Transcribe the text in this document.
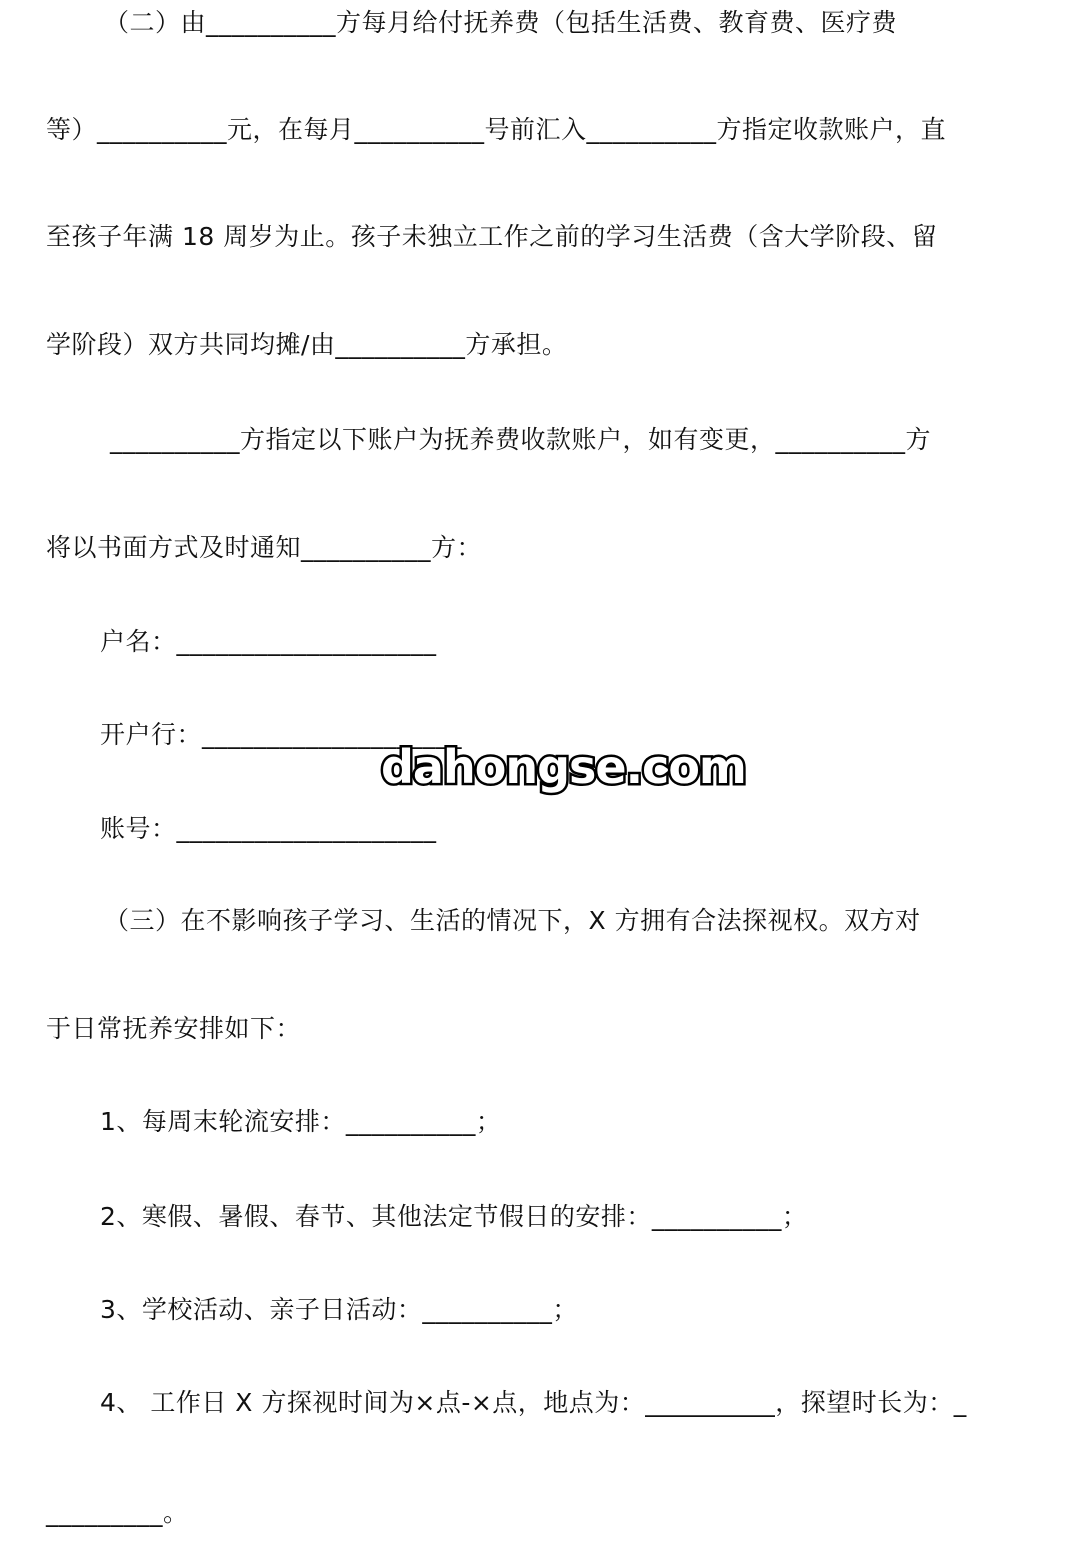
（二）由__________方每月给付抚养费（包括生活费、教育费、医疗费
等）__________元，在每月__________号前汇入__________方指定收款账户，直
至孩子年满 18 周岁为止。孩子未独立工作之前的学习生活费（含大学阶段、留
学阶段）双方共同均摊/由__________方承担。
__________方指定以下账户为抚养费收款账户，如有变更，__________方
将以书面方式及时通知__________方：
户名：____________________
开户行：____________________
账号：____________________
（三）在不影响孩子学习、生活的情况下，X 方拥有合法探视权。双方对
于日常抚养安排如下：
1、每周末轮流安排：__________；
2、寒假、暑假、春节、其他法定节假日的安排：__________；
3、学校活动、亲子日活动：__________；
4、 工作日 X 方探视时间为×点-×点，地点为：__________，探望时长为：_
_________。
dahongse.com
